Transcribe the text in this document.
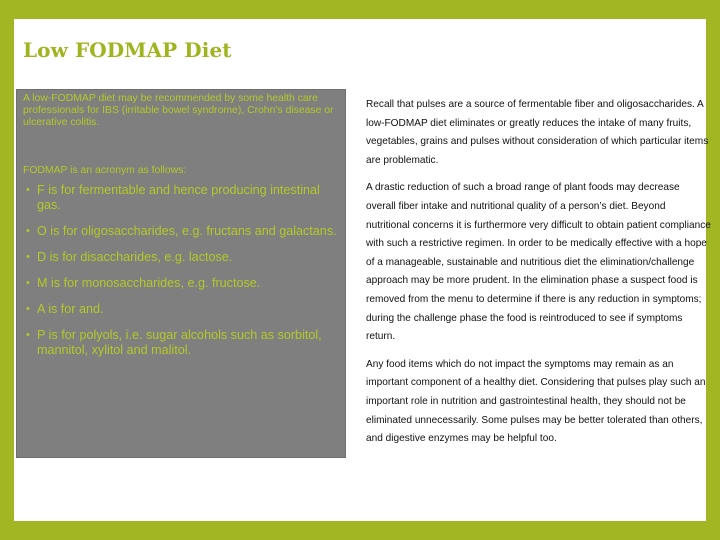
Low FODMAP Diet

A low-FODMAP diet may be recommended by some health care professionals for IBS (irritable bowel syndrome), Crohn’s disease or ulcerative colitis.

FODMAP is an acronym as follows:

• F is for fermentable and hence producing intestinal gas.
• O is for oligosaccharides, e.g. fructans and galactans.
• D is for disaccharides, e.g. lactose.
• M is for monosaccharides, e.g. fructose.
• A is for and.
• P is for polyols, i.e. sugar alcohols such as sorbitol, mannitol, xylitol and malitol.

Recall that pulses are a source of fermentable fiber and oligosaccharides. A low-FODMAP diet eliminates or greatly reduces the intake of many fruits, vegetables, grains and pulses without consideration of which particular items are problematic.

A drastic reduction of such a broad range of plant foods may decrease overall fiber intake and nutritional quality of a person’s diet. Beyond nutritional concerns it is furthermore very difficult to obtain patient compliance with such a restrictive regimen. In order to be medically effective with a hope of a manageable, sustainable and nutritious diet the elimination/challenge approach may be more prudent. In the elimination phase a suspect food is removed from the menu to determine if there is any reduction in symptoms; during the challenge phase the food is reintroduced to see if symptoms return.

Any food items which do not impact the symptoms may remain as an important component of a healthy diet. Considering that pulses play such an important role in nutrition and gastrointestinal health, they should not be eliminated unnecessarily. Some pulses may be better tolerated than others, and digestive enzymes may be helpful too.
